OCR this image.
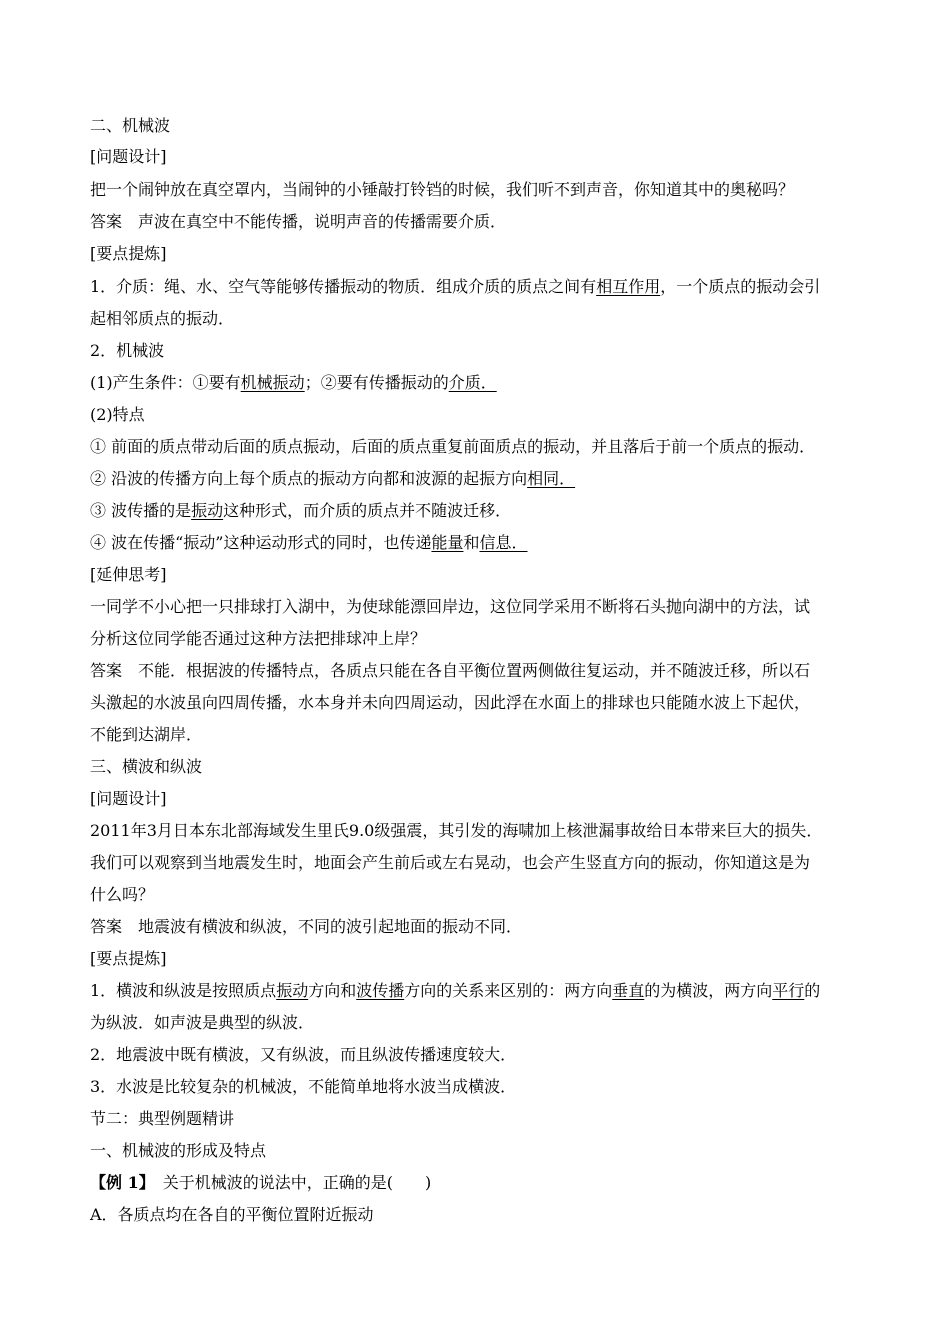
二、机械波
[问题设计]
把一个闹钟放在真空罩内，当闹钟的小锤敲打铃铛的时候，我们听不到声音，你知道其中的奥秘吗？
答案 声波在真空中不能传播，说明声音的传播需要介质．
[要点提炼]
1．介质：绳、水、空气等能够传播振动的物质．组成介质的质点之间有相互作用，一个质点的振动会引
起相邻质点的振动．
2．机械波
(1)产生条件：①要有机械振动；②要有传播振动的介质．
(2)特点
① 前面的质点带动后面的质点振动，后面的质点重复前面质点的振动，并且落后于前一个质点的振动．
② 沿波的传播方向上每个质点的振动方向都和波源的起振方向相同．
③ 波传播的是振动这种形式，而介质的质点并不随波迁移．
④ 波在传播“振动”这种运动形式的同时，也传递能量和信息．
[延伸思考]
一同学不小心把一只排球打入湖中，为使球能漂回岸边，这位同学采用不断将石头抛向湖中的方法，试
分析这位同学能否通过这种方法把排球冲上岸？
答案 不能．根据波的传播特点，各质点只能在各自平衡位置两侧做往复运动，并不随波迁移，所以石
头激起的水波虽向四周传播，水本身并未向四周运动，因此浮在水面上的排球也只能随水波上下起伏，
不能到达湖岸．
三、横波和纵波
[问题设计]
2011年3月日本东北部海域发生里氏9.0级强震，其引发的海啸加上核泄漏事故给日本带来巨大的损失．
我们可以观察到当地震发生时，地面会产生前后或左右晃动，也会产生竖直方向的振动，你知道这是为
什么吗？
答案 地震波有横波和纵波，不同的波引起地面的振动不同．
[要点提炼]
1．横波和纵波是按照质点振动方向和波传播方向的关系来区别的：两方向垂直的为横波，两方向平行的
为纵波．如声波是典型的纵波．
2．地震波中既有横波，又有纵波，而且纵波传播速度较大．
3．水波是比较复杂的机械波，不能简单地将水波当成横波．
节二：典型例题精讲
一、机械波的形成及特点
【例 1】 关于机械波的说法中，正确的是(　　)
A．各质点均在各自的平衡位置附近振动
